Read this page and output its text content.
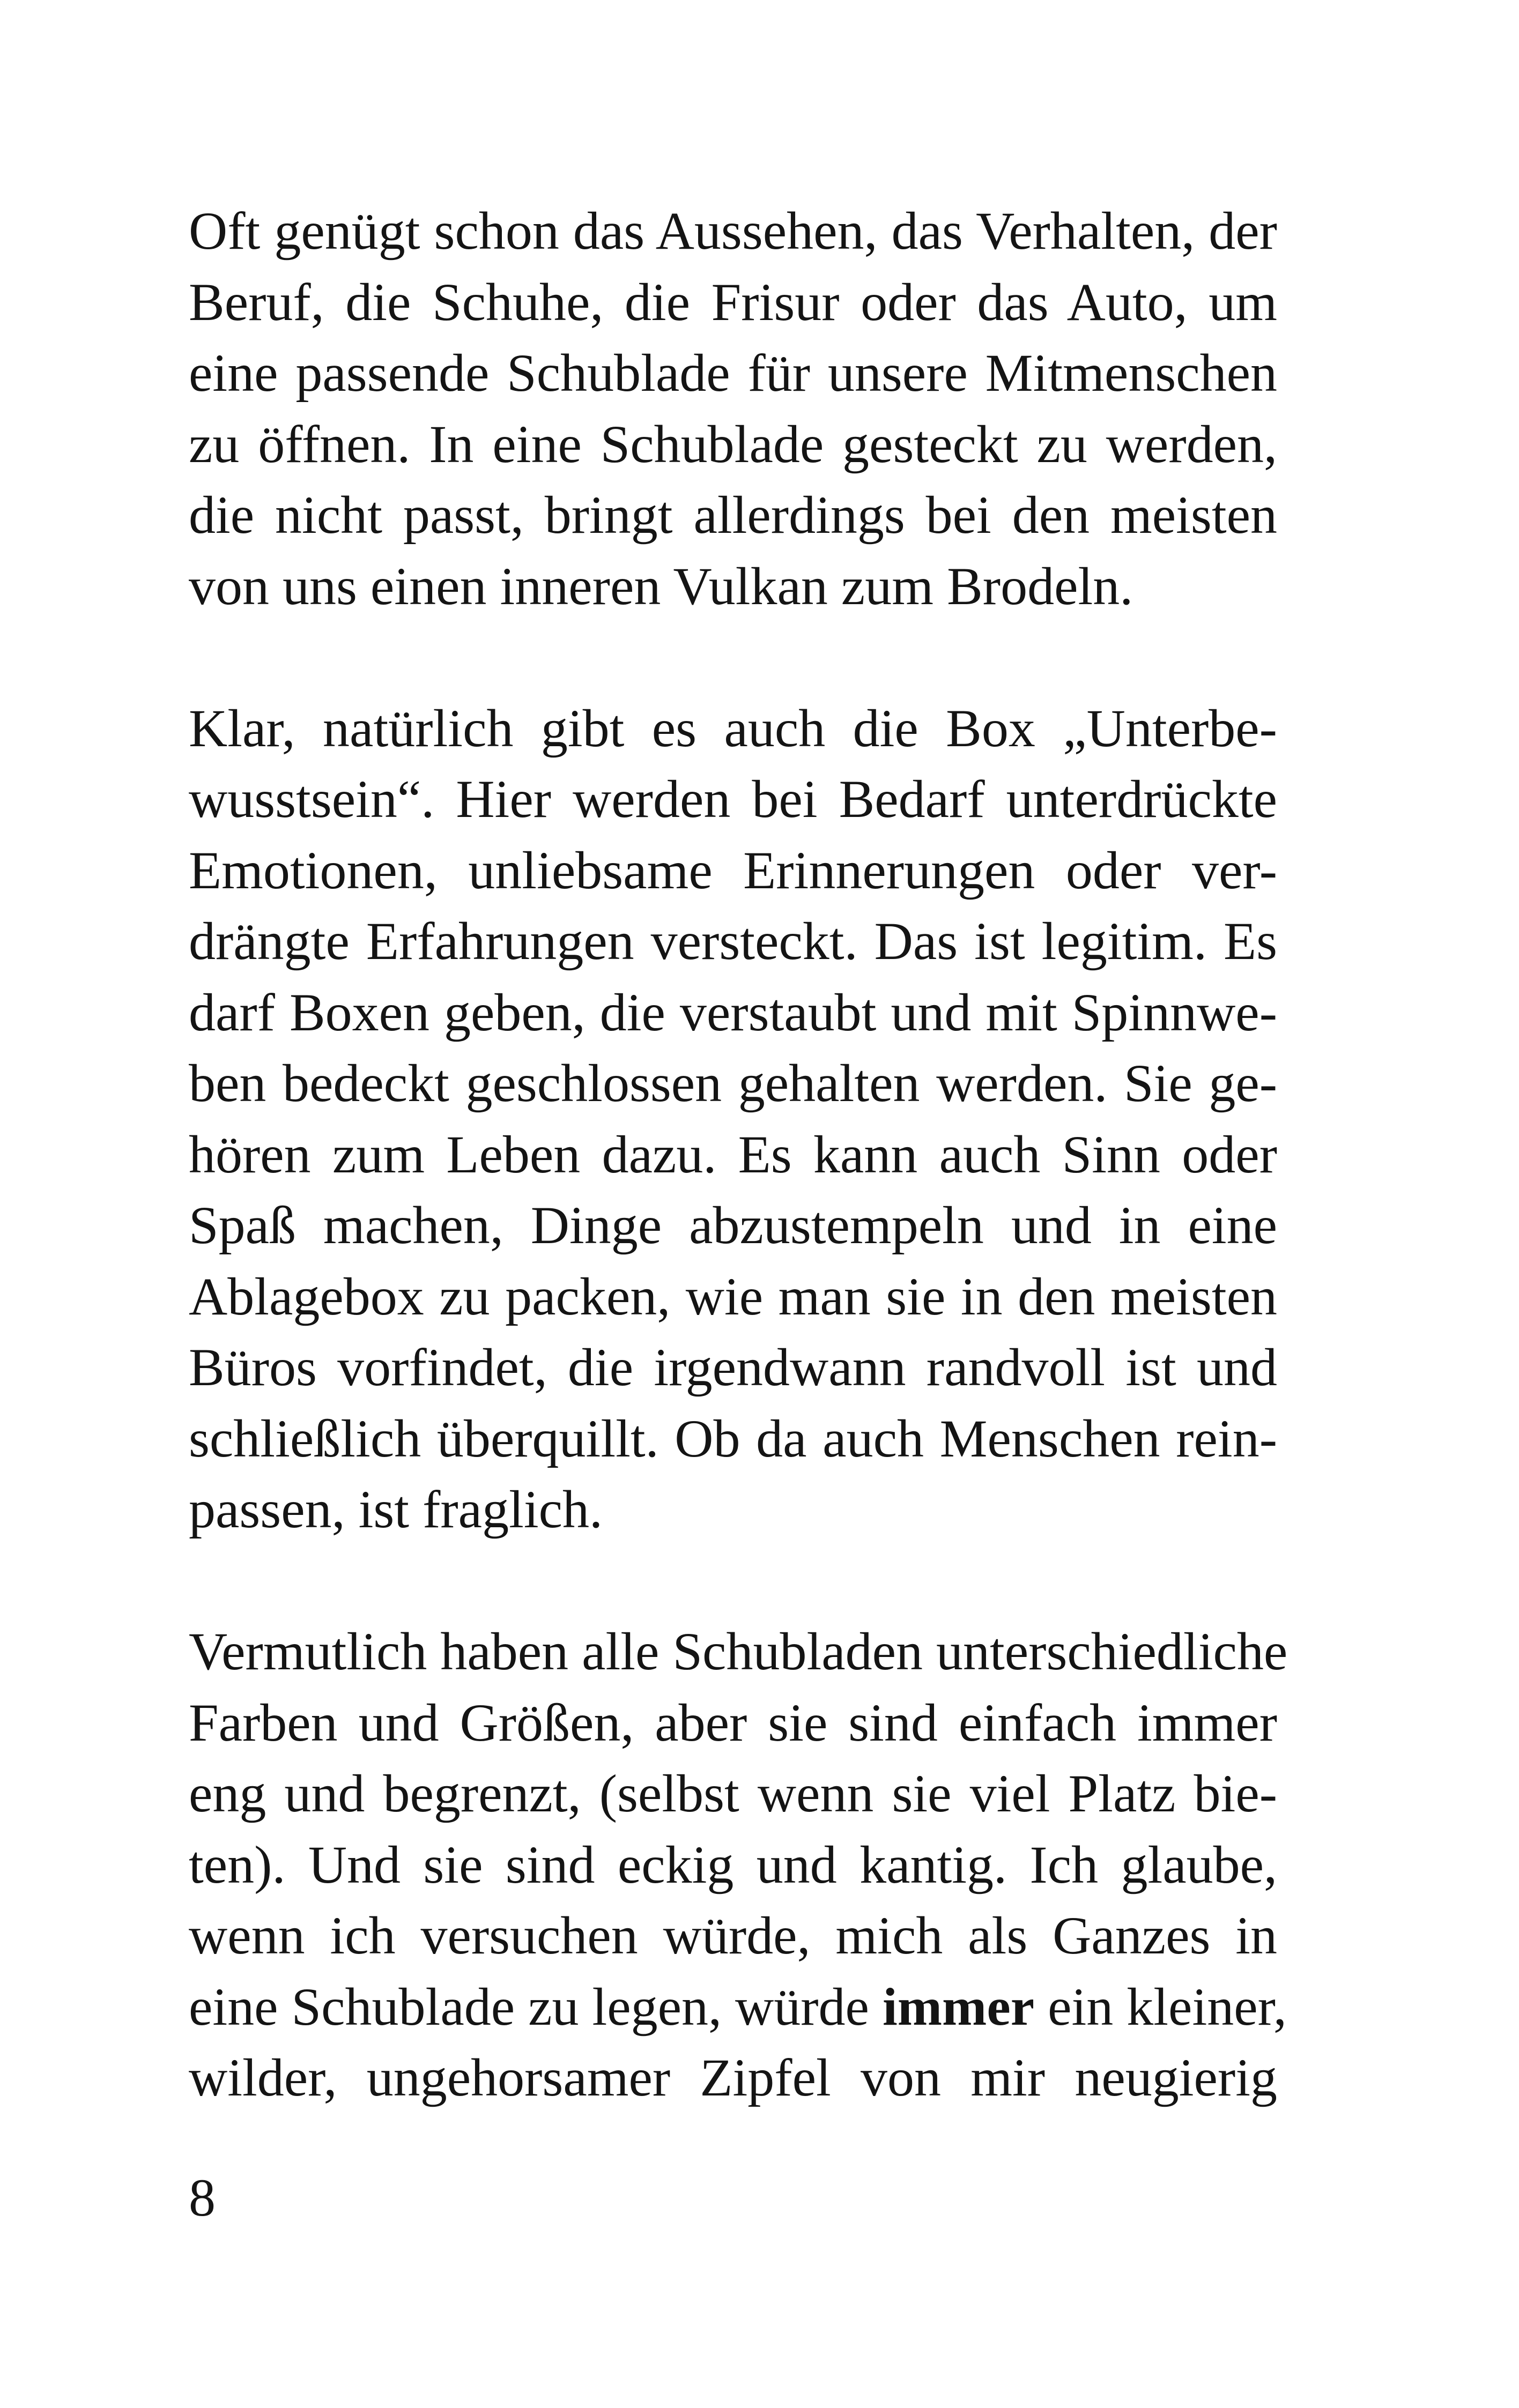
Oft genügt schon das Aussehen, das Verhalten, der
Beruf, die Schuhe, die Frisur oder das Auto, um
eine passende Schublade für unsere Mitmenschen
zu öffnen. In eine Schublade gesteckt zu werden,
die nicht passt, bringt allerdings bei den meisten
von uns einen inneren Vulkan zum Brodeln.

Klar, natürlich gibt es auch die Box „Unterbe-
wusstsein“. Hier werden bei Bedarf unterdrückte
Emotionen, unliebsame Erinnerungen oder ver-
drängte Erfahrungen versteckt. Das ist legitim. Es
darf Boxen geben, die verstaubt und mit Spinnwe-
ben bedeckt geschlossen gehalten werden. Sie ge-
hören zum Leben dazu. Es kann auch Sinn oder
Spaß machen, Dinge abzustempeln und in eine
Ablagebox zu packen, wie man sie in den meisten
Büros vorfindet, die irgendwann randvoll ist und
schließlich überquillt. Ob da auch Menschen rein-
passen, ist fraglich.

Vermutlich haben alle Schubladen unterschiedliche
Farben und Größen, aber sie sind einfach immer
eng und begrenzt, (selbst wenn sie viel Platz bie-
ten). Und sie sind eckig und kantig. Ich glaube,
wenn ich versuchen würde, mich als Ganzes in
eine Schublade zu legen, würde immer ein kleiner,
wilder, ungehorsamer Zipfel von mir neugierig

8
